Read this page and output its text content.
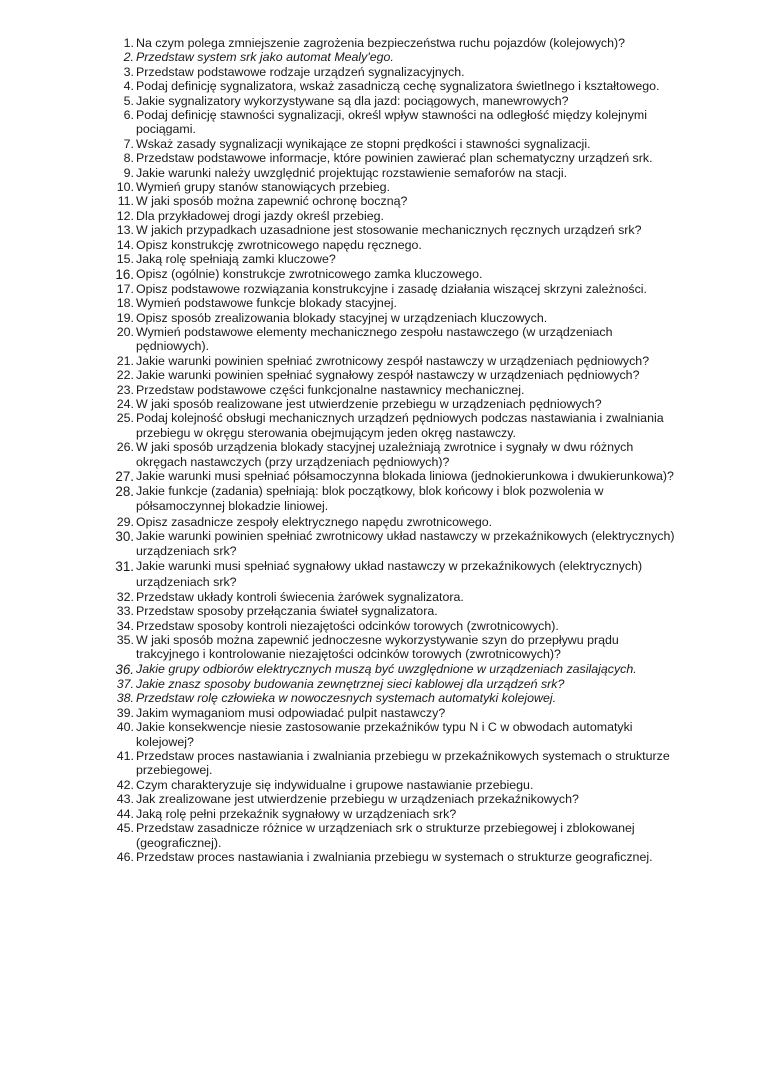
1. Na czym polega zmniejszenie zagrożenia bezpieczeństwa ruchu pojazdów (kolejowych)?
2. Przedstaw system srk jako automat Mealy'ego.
3. Przedstaw podstawowe rodzaje urządzeń sygnalizacyjnych.
4. Podaj definicję sygnalizatora, wskaż zasadniczą cechę sygnalizatora świetlnego i kształtowego.
5. Jakie sygnalizatory wykorzystywane są dla jazd: pociągowych, manewrowych?
6. Podaj definicję stawności sygnalizacji, określ wpływ stawności na odległość między kolejnymi pociągami.
7. Wskaż zasady sygnalizacji wynikające ze stopni prędkości i stawności sygnalizacji.
8. Przedstaw podstawowe informacje, które powinien zawierać plan schematyczny urządzeń srk.
9. Jakie warunki należy uwzględnić projektując rozstawienie semaforów na stacji.
10. Wymień grupy stanów stanowiących przebieg.
11. W jaki sposób można zapewnić ochronę boczną?
12. Dla przykładowej drogi jazdy określ przebieg.
13. W jakich przypadkach uzasadnione jest stosowanie mechanicznych ręcznych urządzeń srk?
14. Opisz konstrukcję zwrotnicowego napędu ręcznego.
15. Jaką rolę spełniają zamki kluczowe?
16. Opisz (ogólnie) konstrukcje zwrotnicowego zamka kluczowego.
17. Opisz podstawowe rozwiązania konstrukcyjne i zasadę działania wiszącej skrzyni zależności.
18. Wymień podstawowe funkcje blokady stacyjnej.
19. Opisz sposób zrealizowania blokady stacyjnej w urządzeniach kluczowych.
20. Wymień podstawowe elementy mechanicznego zespołu nastawczego (w urządzeniach pędniowych).
21. Jakie warunki powinien spełniać zwrotnicowy zespół nastawczy w urządzeniach pędniowych?
22. Jakie warunki powinien spełniać sygnałowy zespół nastawczy w urządzeniach pędniowych?
23. Przedstaw podstawowe części funkcjonalne nastawnicy mechanicznej.
24. W jaki sposób realizowane jest utwierdzenie przebiegu w urządzeniach pędniowych?
25. Podaj kolejność obsługi mechanicznych urządzeń pędniowych podczas nastawiania i zwalniania przebiegu w okręgu sterowania obejmującym jeden okręg nastawczy.
26. W jaki sposób urządzenia blokady stacyjnej uzależniają zwrotnice i sygnały w dwu różnych okręgach nastawczych (przy urządzeniach pędniowych)?
27. Jakie warunki musi spełniać półsamoczynna blokada liniowa (jednokierunkowa i dwukierunkowa)?
28. Jakie funkcje (zadania) spełniają: blok początkowy, blok końcowy i blok pozwolenia w półsamoczynnej blokadzie liniowej.
29. Opisz zasadnicze zespoły elektrycznego napędu zwrotnicowego.
30. Jakie warunki powinien spełniać zwrotnicowy układ nastawczy w przekaźnikowych (elektrycznych) urządzeniach srk?
31. Jakie warunki musi spełniać sygnałowy układ nastawczy w przekaźnikowych (elektrycznych) urządzeniach srk?
32. Przedstaw układy kontroli świecenia żarówek sygnalizatora.
33. Przedstaw sposoby przełączania świateł sygnalizatora.
34. Przedstaw sposoby kontroli niezajętości odcinków torowych (zwrotnicowych).
35. W jaki sposób można zapewnić jednoczesne wykorzystywanie szyn do przepływu prądu trakcyjnego i kontrolowanie niezajętości odcinków torowych (zwrotnicowych)?
36. Jakie grupy odbiorów elektrycznych muszą być uwzględnione w urządzeniach zasilających.
37. Jakie znasz sposoby budowania zewnętrznej sieci kablowej dla urządzeń srk?
38. Przedstaw rolę człowieka w nowoczesnych systemach automatyki kolejowej.
39. Jakim wymaganiom musi odpowiadać pulpit nastawczy?
40. Jakie konsekwencje niesie zastosowanie przekaźników typu N i C w obwodach automatyki kolejowej?
41. Przedstaw proces nastawiania i zwalniania przebiegu w przekaźnikowych systemach o strukturze przebiegowej.
42. Czym charakteryzuje się indywidualne i grupowe nastawianie przebiegu.
43. Jak zrealizowane jest utwierdzenie przebiegu w urządzeniach przekaźnikowych?
44. Jaką rolę pełni przekaźnik sygnałowy w urządzeniach srk?
45. Przedstaw zasadnicze różnice w urządzeniach srk o strukturze przebiegowej i zblokowanej (geograficznej).
46. Przedstaw proces nastawiania i zwalniania przebiegu w systemach o strukturze geograficznej.
